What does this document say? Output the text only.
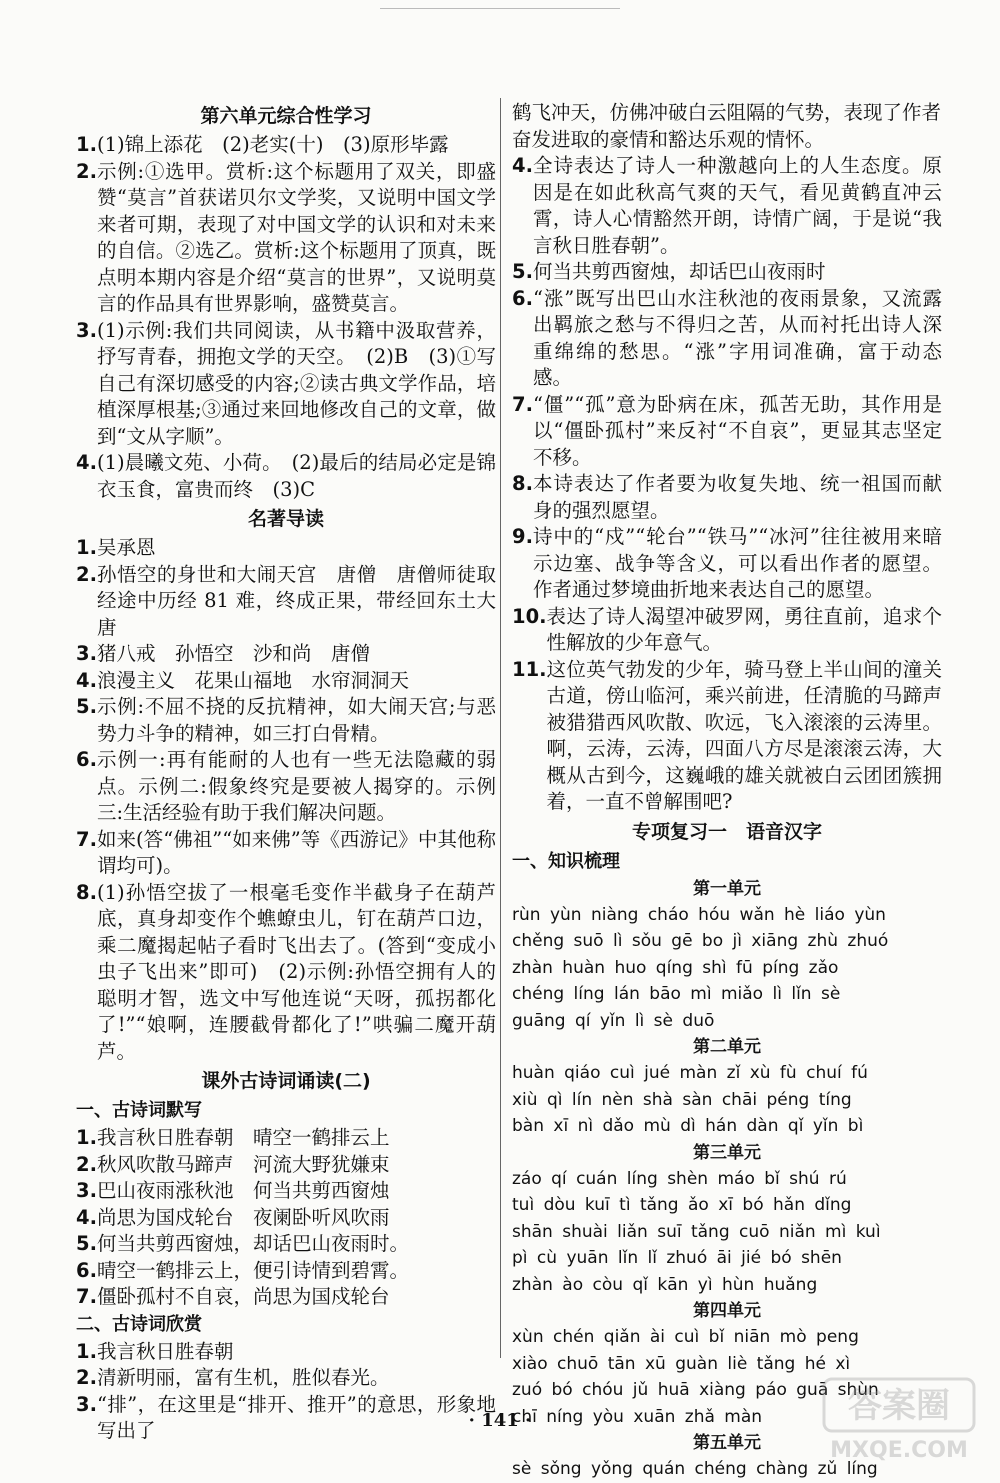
第六单元综合性学习
1. (1)锦上添花　(2)老实(十)　(3)原形毕露
2. 示例:①选甲。赏析:这个标题用了双关，即盛赞“莫言”首获诺贝尔文学奖，又说明中国文学来者可期，表现了对中国文学的认识和对未来的自信。②选乙。赏析:这个标题用了顶真，既点明本期内容是介绍“莫言的世界”，又说明莫言的作品具有世界影响，盛赞莫言。
3. (1)示例:我们共同阅读，从书籍中汲取营养，抒写青春，拥抱文学的天空。　(2)B　(3)①写自己有深切感受的内容;②读古典文学作品，培植深厚根基;③通过来回地修改自己的文章，做到“文从字顺”。
4. (1)晨曦文苑、小荷。　(2)最后的结局必定是锦衣玉食，富贵而终　(3)C
名著导读
1. 吴承恩
2. 孙悟空的身世和大闹天宫　唐僧　唐僧师徒取经途中历经 81 难，终成正果，带经回东土大唐
3. 猪八戒　孙悟空　沙和尚　唐僧
4. 浪漫主义　花果山福地　水帘洞洞天
5. 示例:不屈不挠的反抗精神，如大闹天宫;与恶势力斗争的精神，如三打白骨精。
6. 示例一:再有能耐的人也有一些无法隐藏的弱点。示例二:假象终究是要被人揭穿的。示例三:生活经验有助于我们解决问题。
7. 如来(答“佛祖”“如来佛”等《西游记》中其他称谓均可)。
8. (1)孙悟空拔了一根毫毛变作半截身子在葫芦底，真身却变作个蟭蟟虫儿，钉在葫芦口边，乘二魔揭起帖子看时飞出去了。(答到“变成小虫子飞出来”即可)　(2)示例:孙悟空拥有人的聪明才智，选文中写他连说“天呀，孤拐都化了!”“娘啊，连腰截骨都化了!”哄骗二魔开葫芦。
课外古诗词诵读(二)
一、古诗词默写
1. 我言秋日胜春朝　晴空一鹤排云上
2. 秋风吹散马蹄声　河流大野犹嫌束
3. 巴山夜雨涨秋池　何当共剪西窗烛
4. 尚思为国戍轮台　夜阑卧听风吹雨
5. 何当共剪西窗烛，却话巴山夜雨时。
6. 晴空一鹤排云上，便引诗情到碧霄。
7. 僵卧孤村不自哀，尚思为国戍轮台
二、古诗词欣赏
1. 我言秋日胜春朝
2. 清新明丽，富有生机，胜似春光。
3. “排”，在这里是“排开、推开”的意思，形象地写出了
鹤飞冲天，仿佛冲破白云阻隔的气势，表现了作者奋发进取的豪情和豁达乐观的情怀。
4. 全诗表达了诗人一种激越向上的人生态度。原因是在如此秋高气爽的天气，看见黄鹤直冲云霄，诗人心情豁然开朗，诗情广阔，于是说“我言秋日胜春朝”。
5. 何当共剪西窗烛，却话巴山夜雨时
6. “涨”既写出巴山水注秋池的夜雨景象，又流露出羁旅之愁与不得归之苦，从而衬托出诗人深重绵绵的愁思。“涨”字用词准确，富于动态感。
7. “僵”“孤”意为卧病在床，孤苦无助，其作用是以“僵卧孤村”来反衬“不自哀”，更显其志坚定不移。
8. 本诗表达了作者要为收复失地、统一祖国而献身的强烈愿望。
9. 诗中的“戍”“轮台”“铁马”“冰河”往往被用来暗示边塞、战争等含义，可以看出作者的愿望。作者通过梦境曲折地来表达自己的愿望。
10. 表达了诗人渴望冲破罗网，勇往直前，追求个性解放的少年意气。
11. 这位英气勃发的少年，骑马登上半山间的潼关古道，傍山临河，乘兴前进，任清脆的马蹄声被猎猎西风吹散、吹远，飞入滚滚的云涛里。啊，云涛，云涛，四面八方尽是滚滚云涛，大概从古到今，这巍峨的雄关就被白云团团簇拥着，一直不曾解围吧?
专项复习一　语音汉字
一、知识梳理
第一单元
rùn yùn niàng cháo hóu wǎn hè liáo yùn
chěng suō lì sǒu gē bo jì xiāng zhù zhuó
zhàn huàn huo qíng shì fū píng zǎo
chéng líng lán bāo mì miǎo lì lǐn sè
guāng qí yǐn lì sè duō
第二单元
huàn qiáo cuì jué màn zǐ xù fù chuí fú
xiù qì lín nèn shà sàn chāi péng tíng
bàn xī nì dǎo mù dì hán dàn qǐ yǐn bì
第三单元
záo qí cuán líng shèn máo bǐ shú rú
tuì dòu kuī tì tǎng ǎo xī bó hǎn dǐng
shān shuài liǎn suī tǎng cuō niǎn mì kuì
pì cù yuān lǐn lǐ zhuó āi jié bó shēn
zhàn ào còu qǐ kān yì hùn huǎng
第四单元
xùn chén qiǎn ài cuì bǐ niān mò peng
xiào chuō tān xū guàn liè tǎng hé xì
zuó bó chóu jǔ huā xiàng páo guā shùn
chī níng yòu xuān zhǎ màn
第五单元
sè sǒng yǒng quán chéng chàng zǔ líng
· 141 ·	答案圈
MXQE.COM
